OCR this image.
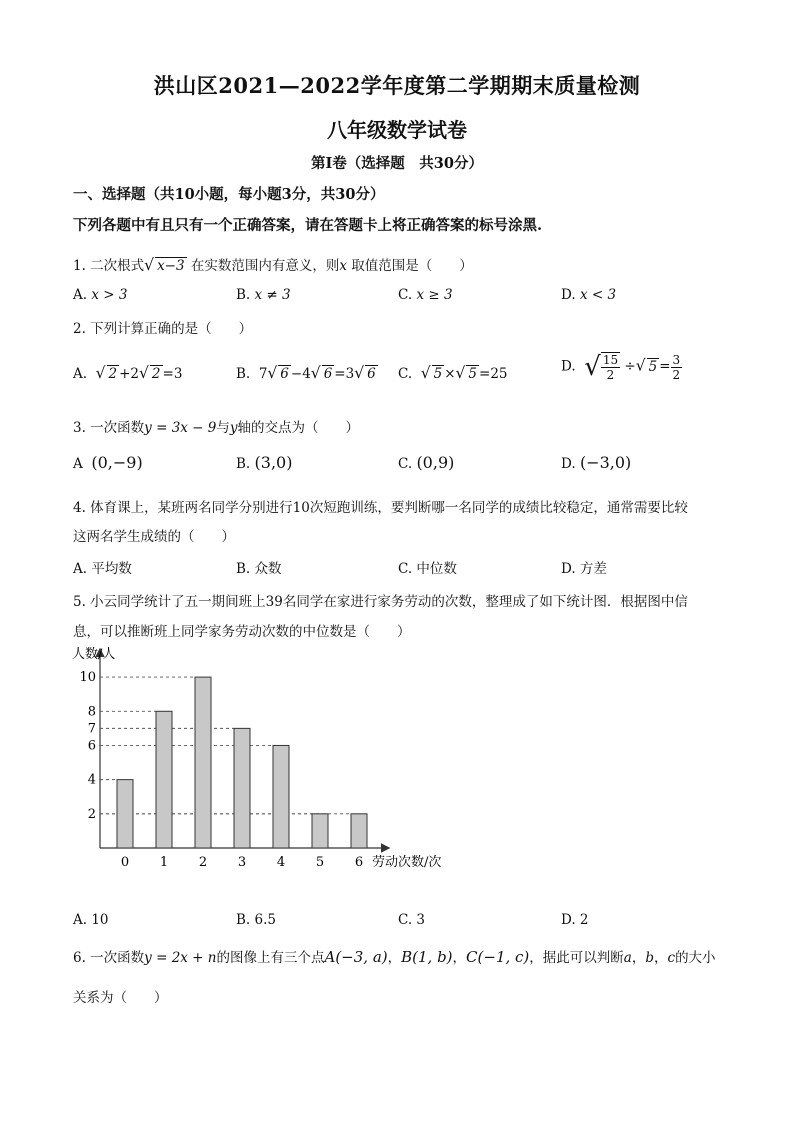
洪山区2021—2022学年度第二学期期末质量检测
八年级数学试卷
第Ⅰ卷（选择题　共30分）
一、选择题（共10小题，每小题3分，共30分）
下列各题中有且只有一个正确答案，请在答题卡上将正确答案的标号涂黑.
1. 二次根式√ x−3 在实数范围内有意义，则x 取值范围是（　　）
A. x > 3	B. x ≠ 3	C. x ≥ 3	D. x < 3
2. 下列计算正确的是（　　）
A. √ 2 +2√ 2 =3	B. 7√ 6 −4√ 6 =3√ 6 C. √ 5 ×√ 5 =25	D. √ $\frac{15}{2}$ ÷√ $5 = \frac{3}{2}$
3. 一次函数y = 3x − 9与y轴的交点为（　　）
A (0,−9)	B. (3,0)	C. (0,9)	D. (−3,0)
4. 体育课上，某班两名同学分别进行10次短跑训练，要判断哪一名同学的成绩比较稳定，通常需要比较
这两名学生成绩的（　　）
A. 平均数	B. 众数	C. 中位数	D. 方差
5. 小云同学统计了五一期间班上39名同学在家进行家务劳动的次数，整理成了如下统计图．根据图中信
息，可以推断班上同学家务劳动次数的中位数是（　　）
人数/人
劳动次数/次
2
4
6
7
8
10
0 1 2 3 4 5 6
A. 10	B. 6.5	C. 3	D. 2
6. 一次函数y = 2x + n的图像上有三个点A(−3, a)，B(1, b)，C(−1, c)，据此可以判断a，b，c的大小
关系为（　　）
